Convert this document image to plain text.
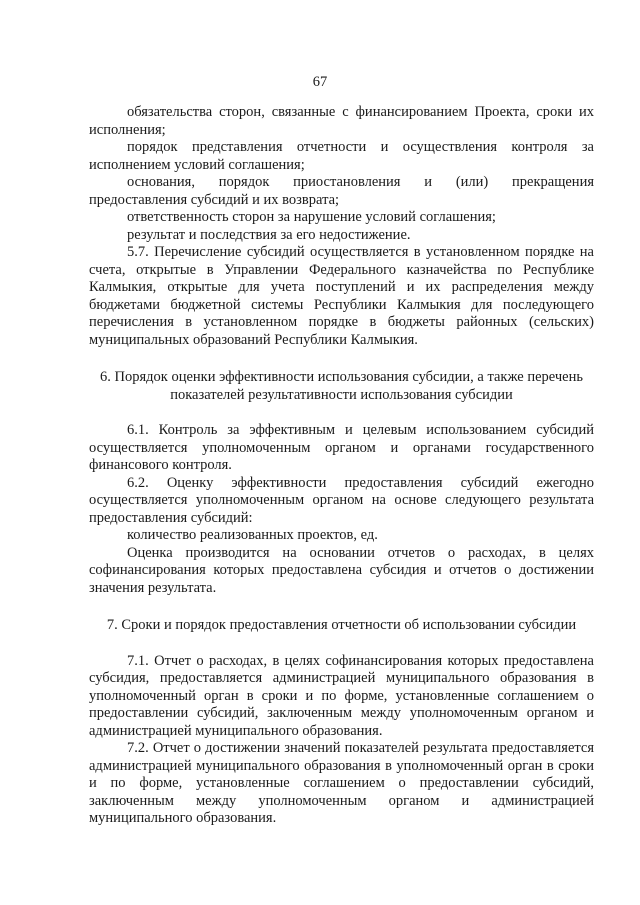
67

обязательства сторон, связанные с финансированием Проекта, сроки их исполнения;

порядок представления отчетности и осуществления контроля за исполнением условий соглашения;

основания, порядок приостановления и (или) прекращения предоставления субсидий и их возврата;

ответственность сторон за нарушение условий соглашения;

результат и последствия за его недостижение.

5.7. Перечисление субсидий осуществляется в установленном порядке на счета, открытые в Управлении Федерального казначейства по Республике Калмыкия, открытые для учета поступлений и их распределения между бюджетами бюджетной системы Республики Калмыкия для последующего перечисления в установленном порядке в бюджеты районных (сельских) муниципальных образований Республики Калмыкия.

6. Порядок оценки эффективности использования субсидии, а также перечень
показателей результативности использования субсидии

6.1. Контроль за эффективным и целевым использованием субсидий осуществляется уполномоченным органом и органами государственного финансового контроля.

6.2. Оценку эффективности предоставления субсидий ежегодно осуществляется уполномоченным органом на основе следующего результата предоставления субсидий:

количество реализованных проектов, ед.

Оценка производится на основании отчетов о расходах, в целях софинансирования которых предоставлена субсидия и отчетов о достижении значения результата.

7. Сроки и порядок предоставления отчетности об использовании субсидии

7.1. Отчет о расходах, в целях софинансирования которых предоставлена субсидия, предоставляется администрацией муниципального образования в уполномоченный орган в сроки и по форме, установленные соглашением о предоставлении субсидий, заключенным между уполномоченным органом и администрацией муниципального образования.

7.2. Отчет о достижении значений показателей результата предоставляется администрацией муниципального образования в уполномоченный орган в сроки и по форме, установленные соглашением о предоставлении субсидий, заключенным между уполномоченным органом и администрацией муниципального образования.
